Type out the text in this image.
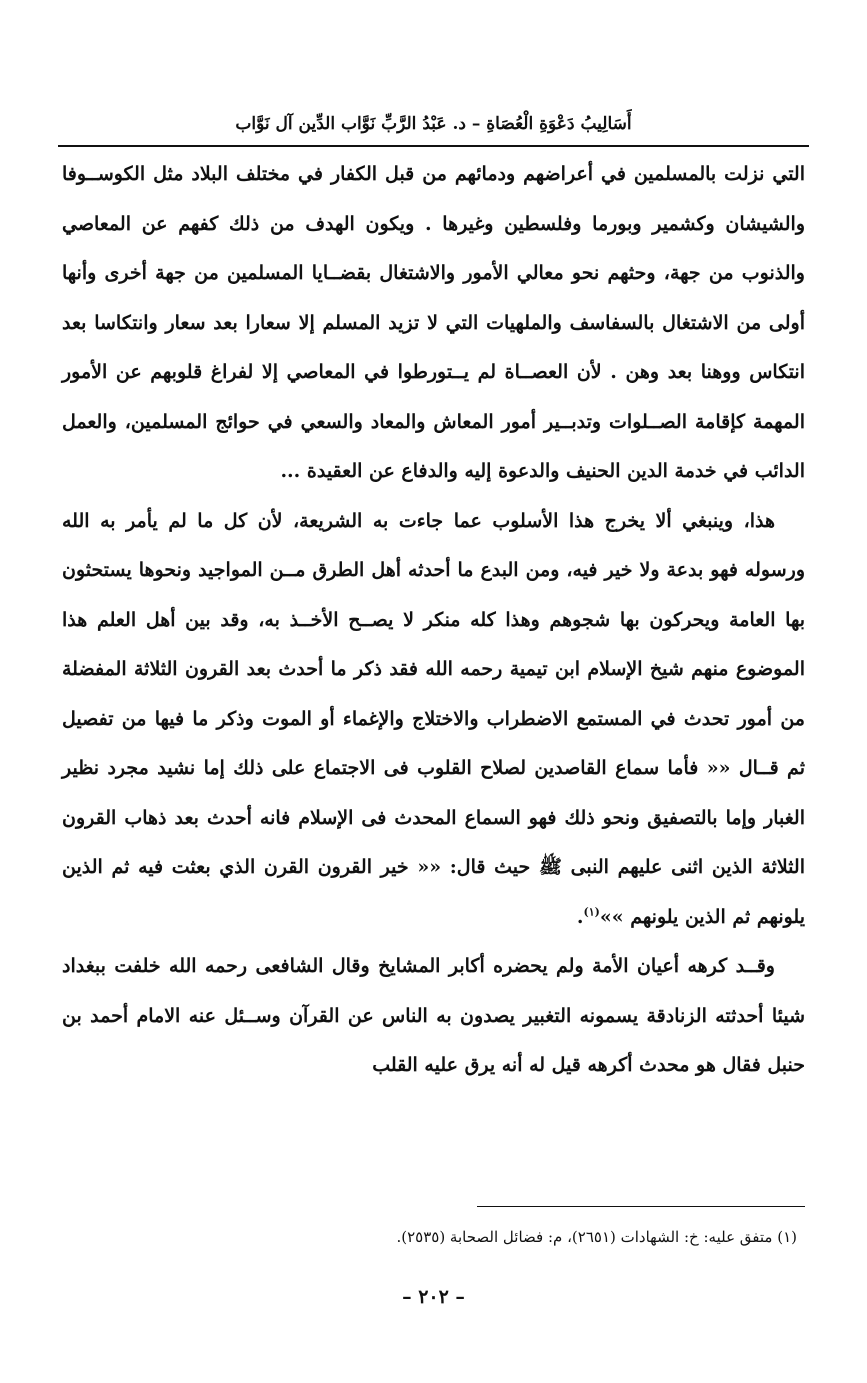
أَسَالِيبُ دَعْوَةِ الْعُصَاةِ – د. عَبْدُ الرَّبِّ نَوَّاب الدِّين آل نَوَّاب

التي نزلت بالمسلمين في أعراضهم ودمائهم من قبل الكفار في مختلف البلاد مثل الكوســوفا والشيشان وكشمير وبورما وفلسطين وغيرها . ويكون الهدف من ذلك كفهم عن المعاصي والذنوب من جهة، وحثهم نحو معالي الأمور والاشتغال بقضــايا المسلمين من جهة أخرى وأنها أولى من الاشتغال بالسفاسف والملهيات التي لا تزيد المسلم إلا سعارا بعد سعار وانتكاسا بعد انتكاس ووهنا بعد وهن . لأن العصــاة لم يــتورطوا في المعاصي إلا لفراغ قلوبهم عن الأمور المهمة كإقامة الصــلوات وتدبــير أمور المعاش والمعاد والسعي في حوائج المسلمين، والعمل الدائب في خدمة الدين الحنيف والدعوة إليه والدفاع عن العقيدة ...

هذا، وينبغي ألا يخرج هذا الأسلوب عما جاءت به الشريعة، لأن كل ما لم يأمر به الله ورسوله فهو بدعة ولا خير فيه، ومن البدع ما أحدثه أهل الطرق مــن المواجيد ونحوها يستحثون بها العامة ويحركون بها شجوهم وهذا كله منكر لا يصــح الأخــذ به، وقد بين أهل العلم هذا الموضوع منهم شيخ الإسلام ابن تيمية رحمه الله فقد ذكر ما أحدث بعد القرون الثلاثة المفضلة من أمور تحدث في المستمع الاضطراب والاختلاج والإغماء أو الموت وذكر ما فيها من تفصيل ثم قــال «« فأما سماع القاصدين لصلاح القلوب فى الاجتماع على ذلك إما نشيد مجرد نظير الغبار وإما بالتصفيق ونحو ذلك فهو السماع المحدث فى الإسلام فانه أحدث بعد ذهاب القرون الثلاثة الذين اثنى عليهم النبى ﷺ حيث قال: «« خير القرون القرن الذي بعثت فيه ثم الذين يلونهم ثم الذين يلونهم »»$^{(١)}$.

وقــد كرهه أعيان الأمة ولم يحضره أكابر المشايخ وقال الشافعى رحمه الله خلفت ببغداد شيئا أحدثته الزنادقة يسمونه التغبير يصدون به الناس عن القرآن وســئل عنه الامام أحمد بن حنبل فقال هو محدث أكرهه قيل له أنه يرق عليه القلب

(١) متفق عليه: خ: الشهادات (٢٦٥١)، م: فضائل الصحابة (٢٥٣٥).
– ٢٠٢ –
